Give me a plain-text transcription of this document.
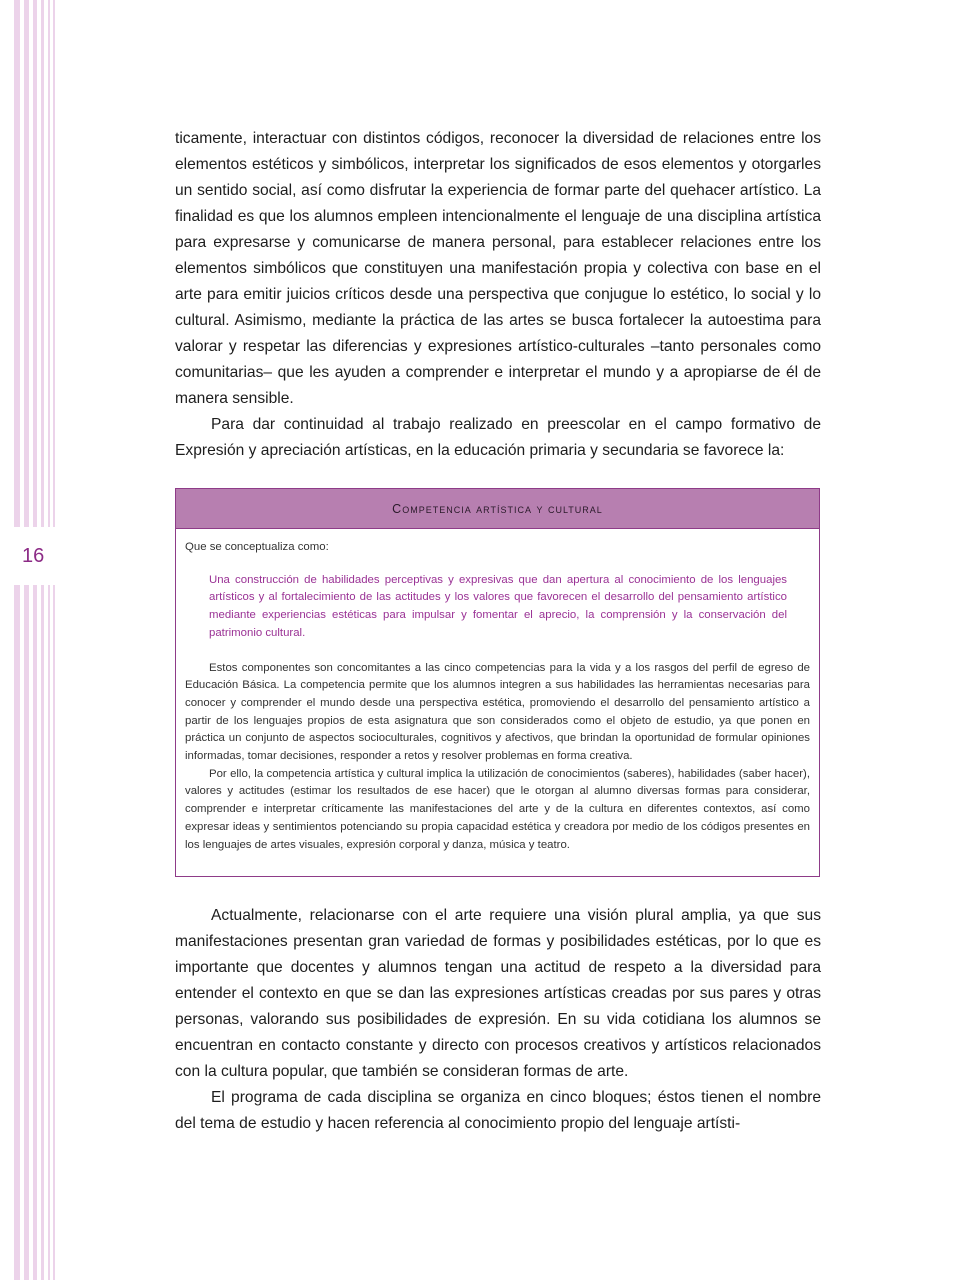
16

ticamente, interactuar con distintos códigos, reconocer la diversidad de relaciones entre los elementos estéticos y simbólicos, interpretar los significados de esos elementos y otorgarles un sentido social, así como disfrutar la experiencia de formar parte del quehacer artístico. La finalidad es que los alumnos empleen intencionalmente el lenguaje de una disciplina artística para expresarse y comunicarse de manera personal, para establecer relaciones entre los elementos simbólicos que constituyen una manifestación propia y colectiva con base en el arte para emitir juicios críticos desde una perspectiva que conjugue lo estético, lo social y lo cultural. Asimismo, mediante la práctica de las artes se busca fortalecer la autoestima para valorar y respetar las diferencias y expresiones artístico-culturales –tanto personales como comunitarias– que les ayuden a comprender e interpretar el mundo y a apropiarse de él de manera sensible.

Para dar continuidad al trabajo realizado en preescolar en el campo formativo de Expresión y apreciación artísticas, en la educación primaria y secundaria se favorece la:

Competencia artística y cultural

Que se conceptualiza como:

Una construcción de habilidades perceptivas y expresivas que dan apertura al conocimiento de los lenguajes artísticos y al fortalecimiento de las actitudes y los valores que favorecen el desarrollo del pensamiento artístico mediante experiencias estéticas para impulsar y fomentar el aprecio, la comprensión y la conservación del patrimonio cultural.

Estos componentes son concomitantes a las cinco competencias para la vida y a los rasgos del perfil de egreso de Educación Básica. La competencia permite que los alumnos integren a sus habilidades las herramientas necesarias para conocer y comprender el mundo desde una perspectiva estética, promoviendo el desarrollo del pensamiento artístico a partir de los lenguajes propios de esta asignatura que son considerados como el objeto de estudio, ya que ponen en práctica un conjunto de aspectos socioculturales, cognitivos y afectivos, que brindan la oportunidad de formular opiniones informadas, tomar decisiones, responder a retos y resolver problemas en forma creativa.

Por ello, la competencia artística y cultural implica la utilización de conocimientos (saberes), habilidades (saber hacer), valores y actitudes (estimar los resultados de ese hacer) que le otorgan al alumno diversas formas para considerar, comprender e interpretar críticamente las manifestaciones del arte y de la cultura en diferentes contextos, así como expresar ideas y sentimientos potenciando su propia capacidad estética y creadora por medio de los códigos presentes en los lenguajes de artes visuales, expresión corporal y danza, música y teatro.

Actualmente, relacionarse con el arte requiere una visión plural amplia, ya que sus manifestaciones presentan gran variedad de formas y posibilidades estéticas, por lo que es importante que docentes y alumnos tengan una actitud de respeto a la diversidad para entender el contexto en que se dan las expresiones artísticas creadas por sus pares y otras personas, valorando sus posibilidades de expresión. En su vida cotidiana los alumnos se encuentran en contacto constante y directo con procesos creativos y artísticos relacionados con la cultura popular, que también se consideran formas de arte.

El programa de cada disciplina se organiza en cinco bloques; éstos tienen el nombre del tema de estudio y hacen referencia al conocimiento propio del lenguaje artísti-
